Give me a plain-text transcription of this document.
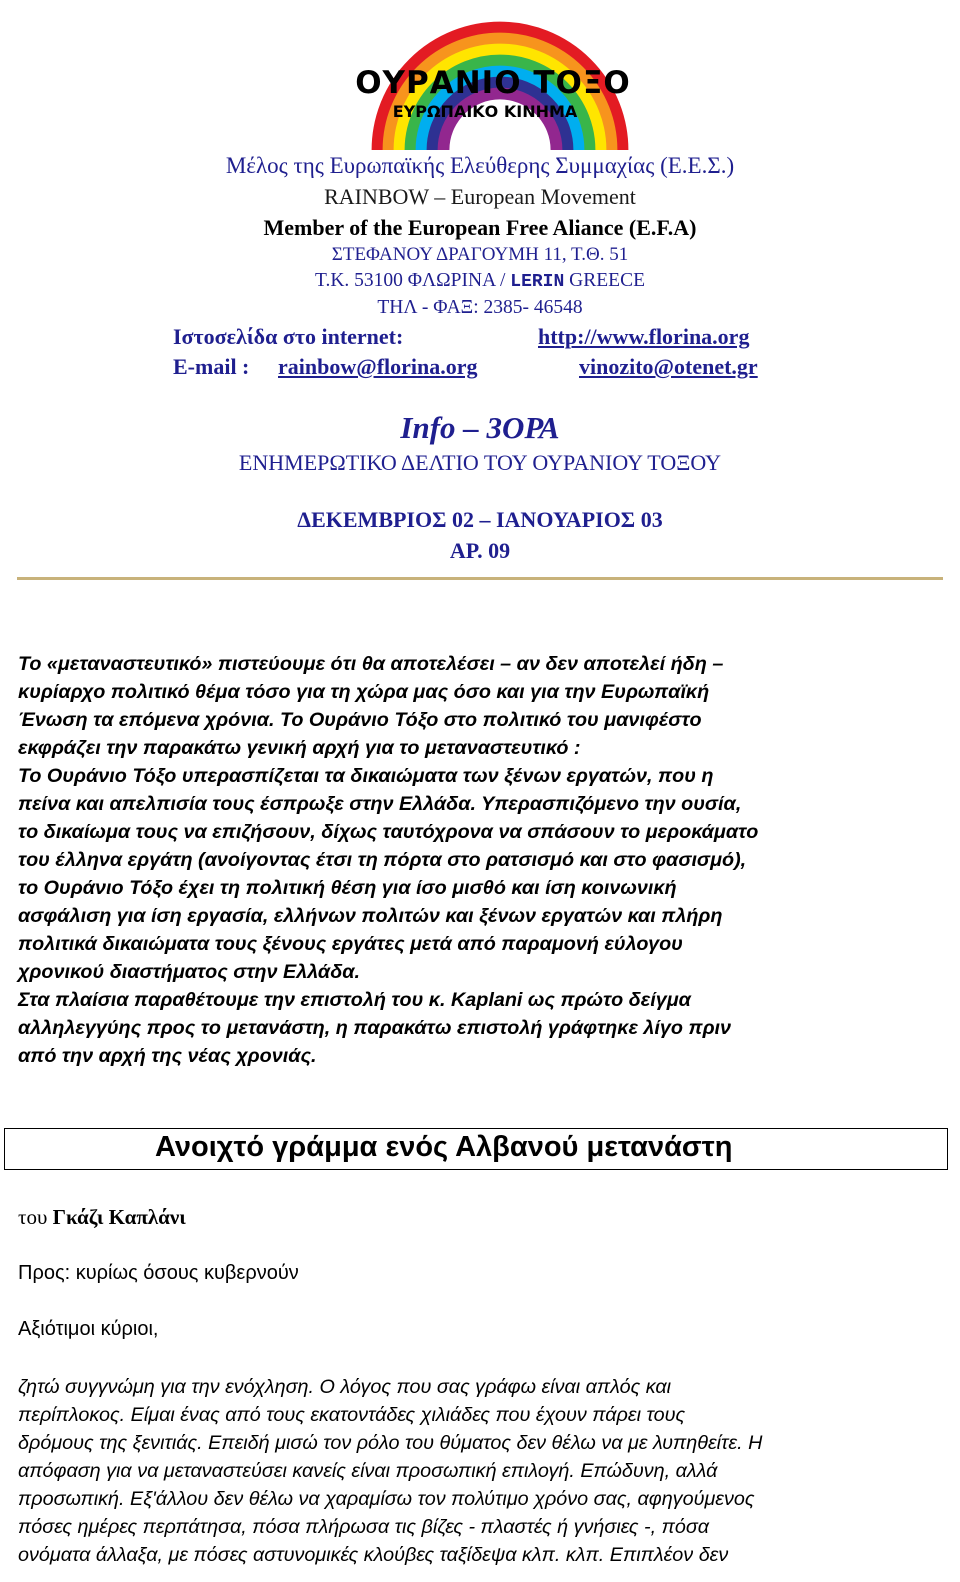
ΟΥΡΑΝΙΟ ΤΟΞΟ
ΕΥΡΩΠΑΙΚΟ ΚΙΝΗΜΑ
Μέλος της Ευρωπαϊκής Ελεύθερης Συμμαχίας (Ε.Ε.Σ.)
RAINBOW – European Movement
Member of the European Free Aliance (E.F.A)
ΣΤΕΦΑΝΟΥ ΔΡΑΓΟΥΜΗ 11, Τ.Θ. 51
Τ.Κ. 53100 ΦΛΩΡΙΝΑ / LERIN GREECE
ΤΗΛ - ΦΑΞ: 2385- 46548
Ιστοσελίδα στο internet:	http://www.florina.org
E-mail : rainbow@florina.org	vinozito@otenet.gr
Info – 3ΟΡΑ
ΕΝΗΜΕΡΩΤΙΚΟ ΔΕΛΤΙΟ ΤΟΥ ΟΥΡΑΝΙΟΥ ΤΟΞΟΥ
ΔΕΚΕΜΒΡΙΟΣ 02 – ΙΑΝΟΥΑΡΙΟΣ 03
ΑΡ. 09
Το «μεταναστευτικό» πιστεύουμε ότι θα αποτελέσει – αν δεν αποτελεί ήδη –
κυρίαρχο πολιτικό θέμα τόσο για τη χώρα μας όσο και για την Ευρωπαϊκή
Ένωση τα επόμενα χρόνια. Το Ουράνιο Τόξο στο πολιτικό του μανιφέστο
εκφράζει την παρακάτω γενική αρχή για το μεταναστευτικό :
Το Ουράνιο Τόξο υπερασπίζεται τα δικαιώματα των ξένων εργατών, που η
πείνα και απελπισία τους έσπρωξε στην Ελλάδα. Υπερασπιζόμενο την ουσία,
το δικαίωμα τους να επιζήσουν, δίχως ταυτόχρονα να σπάσουν το μεροκάματο
του έλληνα εργάτη (ανοίγοντας έτσι τη πόρτα στο ρατσισμό και στο φασισμό),
το Ουράνιο Τόξο έχει τη πολιτική θέση για ίσο μισθό και ίση κοινωνική
ασφάλιση για ίση εργασία, ελλήνων πολιτών και ξένων εργατών και πλήρη
πολιτικά δικαιώματα τους ξένους εργάτες μετά από παραμονή εύλογου
χρονικού διαστήματος στην Ελλάδα.
Στα πλαίσια παραθέτουμε την επιστολή του κ. Kaplani ως πρώτο δείγμα
αλληλεγγύης προς το μετανάστη, η παρακάτω επιστολή γράφτηκε λίγο πριν
από την αρχή της νέας χρονιάς.
Ανοιχτό γράμμα ενός Αλβανού μετανάστη
του Γκάζι Καπλάνι
Προς: κυρίως όσους κυβερνούν
Αξιότιμοι κύριοι,
ζητώ συγγνώμη για την ενόχληση. Ο λόγος που σας γράφω είναι απλός και
περίπλοκος. Είμαι ένας από τους εκατοντάδες χιλιάδες που έχουν πάρει τους
δρόμους της ξενιτιάς. Επειδή μισώ τον ρόλο του θύματος δεν θέλω να με λυπηθείτε. Η
απόφαση για να μεταναστεύσει κανείς είναι προσωπική επιλογή. Επώδυνη, αλλά
προσωπική. Εξ'άλλου δεν θέλω να χαραμίσω τον πολύτιμο χρόνο σας, αφηγούμενος
πόσες ημέρες περπάτησα, πόσα πλήρωσα τις βίζες - πλαστές ή γνήσιες -, πόσα
ονόματα άλλαξα, με πόσες αστυνομικές κλούβες ταξίδεψα κλπ. κλπ. Επιπλέον δεν
